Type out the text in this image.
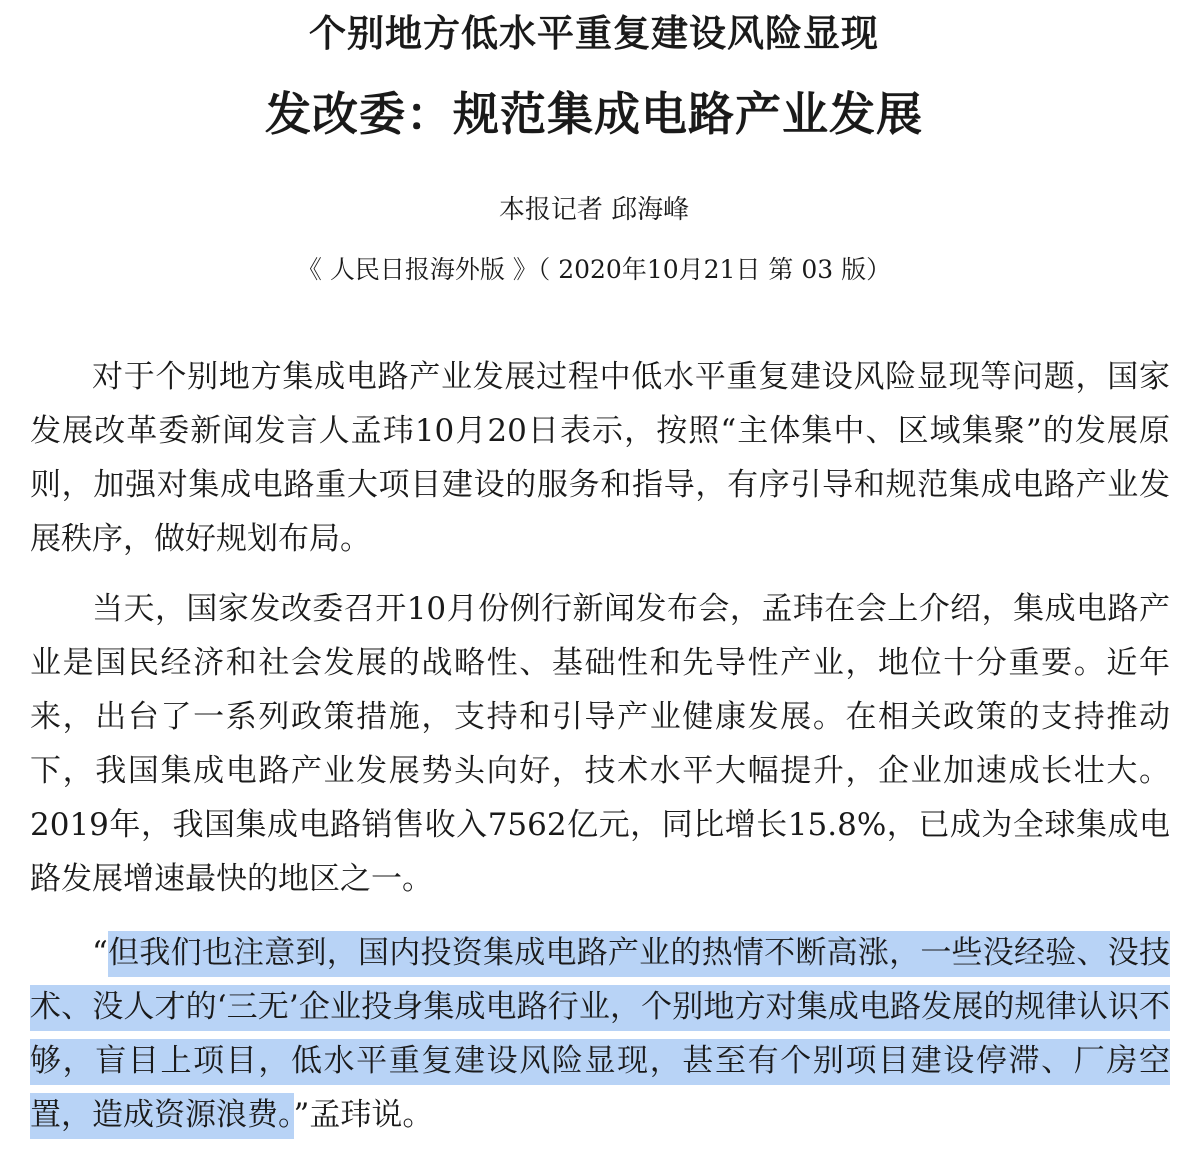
个别地方低水平重复建设风险显现
发改委：规范集成电路产业发展
本报记者 邱海峰
《 人民日报海外版 》（ 2020年10月21日 第 03 版）

对于个别地方集成电路产业发展过程中低水平重复建设风险显现等问题，国家发展改革委新闻发言人孟玮10月20日表示，按照“主体集中、区域集聚”的发展原则，加强对集成电路重大项目建设的服务和指导，有序引导和规范集成电路产业发展秩序，做好规划布局。

当天，国家发改委召开10月份例行新闻发布会，孟玮在会上介绍，集成电路产业是国民经济和社会发展的战略性、基础性和先导性产业，地位十分重要。近年来，出台了一系列政策措施，支持和引导产业健康发展。在相关政策的支持推动下，我国集成电路产业发展势头向好，技术水平大幅提升，企业加速成长壮大。2019年，我国集成电路销售收入7562亿元，同比增长15.8%，已成为全球集成电路发展增速最快的地区之一。

“但我们也注意到，国内投资集成电路产业的热情不断高涨，一些没经验、没技术、没人才的‘三无’企业投身集成电路行业，个别地方对集成电路发展的规律认识不够，盲目上项目，低水平重复建设风险显现，甚至有个别项目建设停滞、厂房空置，造成资源浪费。”孟玮说。
